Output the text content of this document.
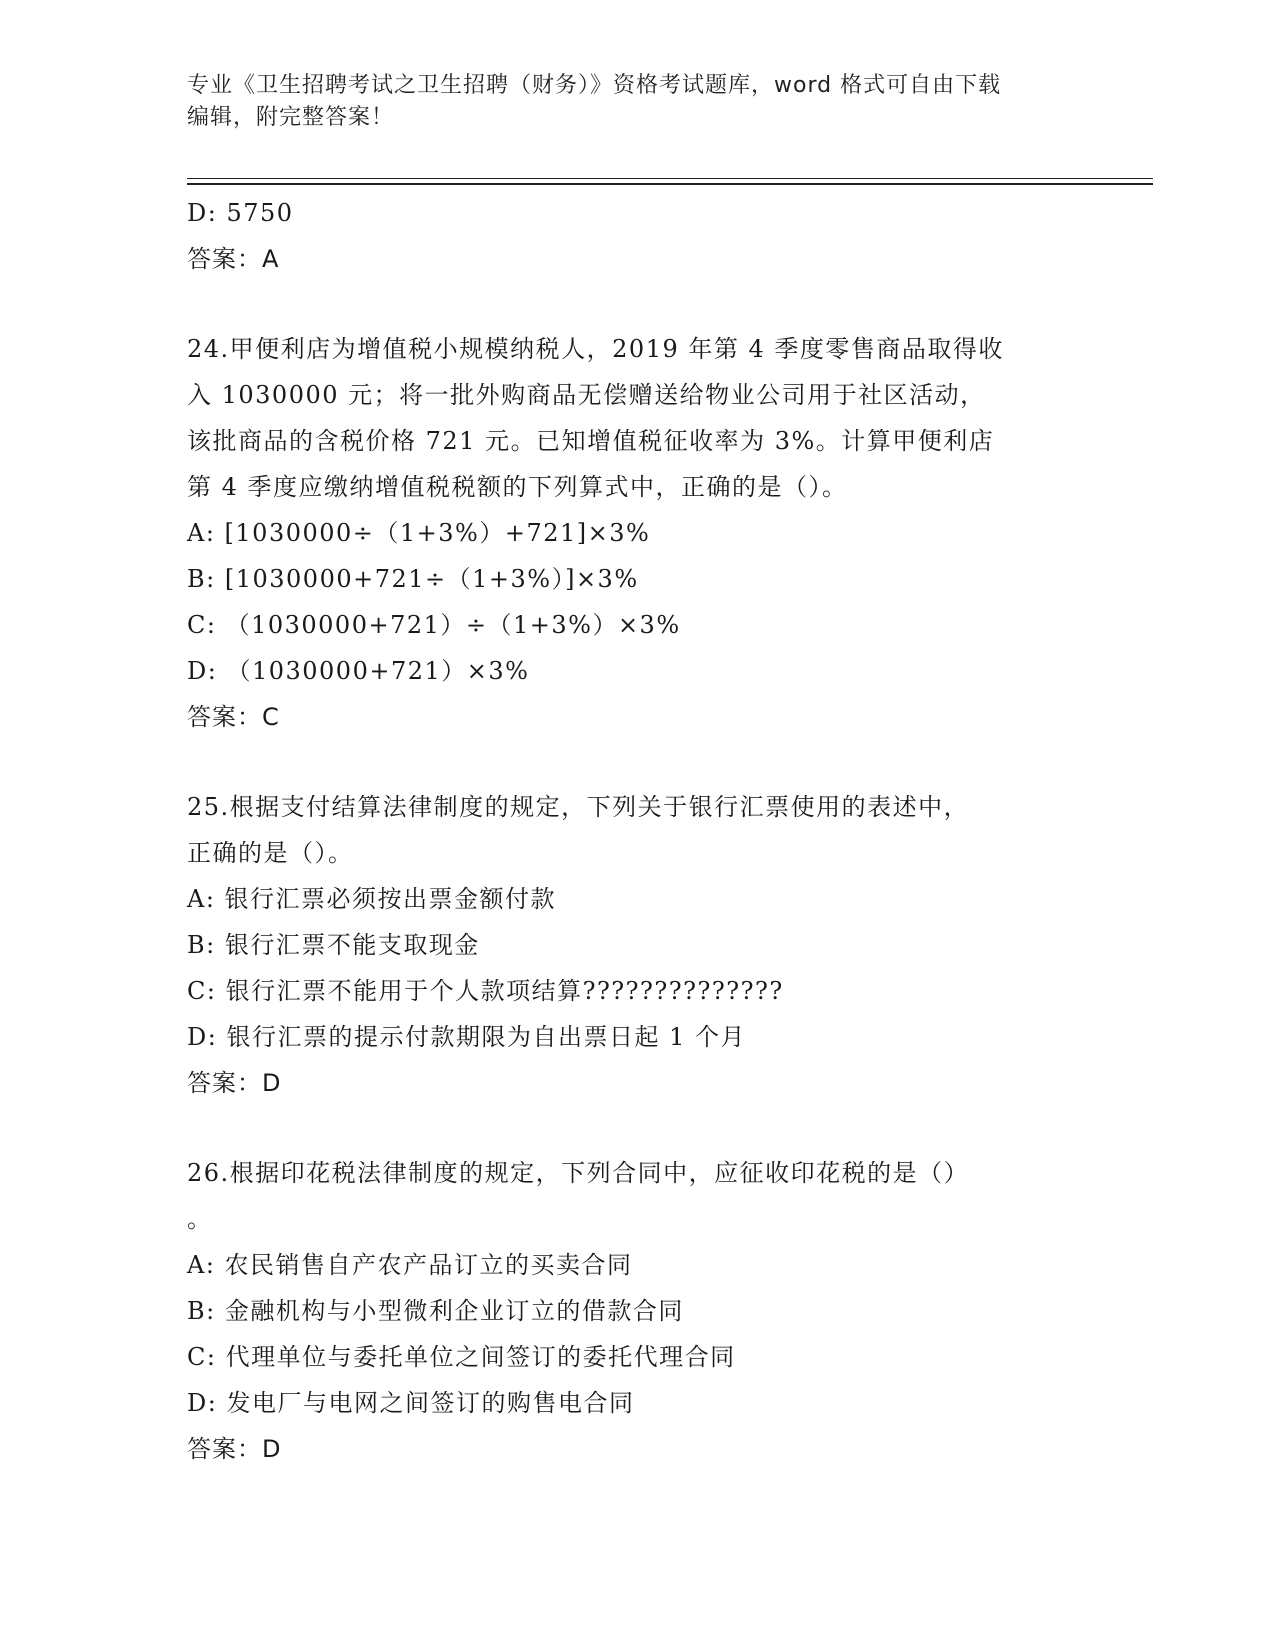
专业《卫生招聘考试之卫生招聘（财务）》资格考试题库，word 格式可自由下载
编辑，附完整答案！
D: 5750
答案：A
24.甲便利店为增值税小规模纳税人，2019 年第 4 季度零售商品取得收
入 1030000 元；将一批外购商品无偿赠送给物业公司用于社区活动，
该批商品的含税价格 721 元。已知增值税征收率为 3%。计算甲便利店
第 4 季度应缴纳增值税税额的下列算式中，正确的是（）。
A: [1030000÷（1+3%）+721]×3%
B: [1030000+721÷（1+3%）]×3%
C: （1030000+721）÷（1+3%）×3%
D: （1030000+721）×3%
答案：C
25.根据支付结算法律制度的规定，下列关于银行汇票使用的表述中，
正确的是（）。
A: 银行汇票必须按出票金额付款
B: 银行汇票不能支取现金
C: 银行汇票不能用于个人款项结算??????????????
D: 银行汇票的提示付款期限为自出票日起 1 个月
答案：D
26.根据印花税法律制度的规定，下列合同中，应征收印花税的是（）
。
A: 农民销售自产农产品订立的买卖合同
B: 金融机构与小型微利企业订立的借款合同
C: 代理单位与委托单位之间签订的委托代理合同
D: 发电厂与电网之间签订的购售电合同
答案：D
